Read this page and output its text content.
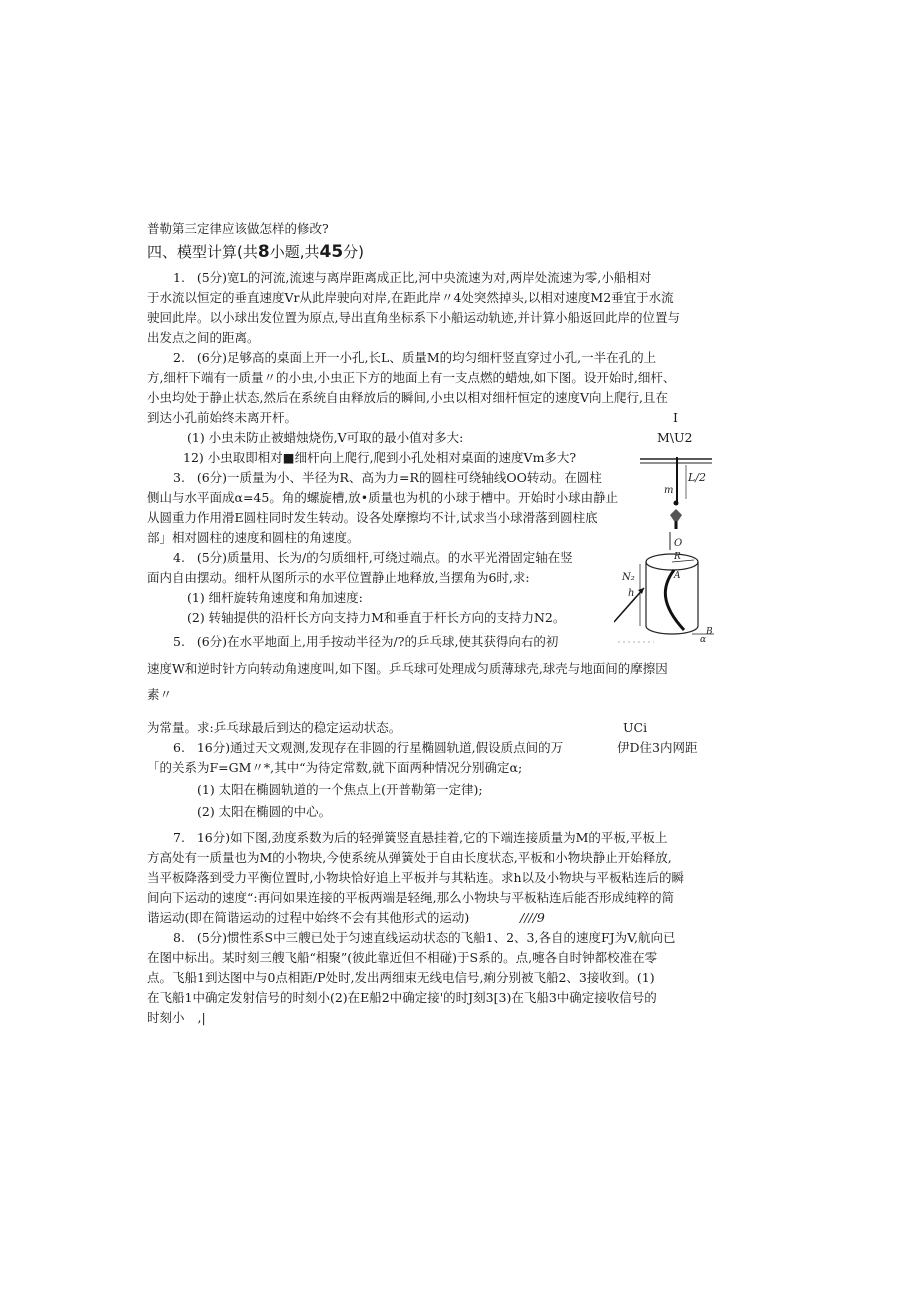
普勒第三定律应该做怎样的修改?
四、模型计算(共8小题,共45分)
1.   (5分)宽L的河流,流速与离岸距离成正比,河中央流速为对,两岸处流速为零,小船相对
于水流以恒定的垂直速度Vr从此岸驶向对岸,在距此岸〃4处突然掉头,以相对速度M2垂宜于水流
驶回此岸。以小球出发位置为原点,导出直角坐标系下小船运动轨迹,并计算小船返回此岸的位置与
出发点之间的距离。
2.   (6分)足够高的桌面上开一小孔,长L、质量M的均匀细杆竖直穿过小孔,一半在孔的上
方,细杆下端有一质量〃的小虫,小虫正下方的地面上有一支点燃的蜡烛,如下图。设开始时,细杆、
小虫均处于静止状态,然后在系统自由释放后的瞬间,小虫以相对细杆恒定的速度V向上爬行,且在
到达小孔前始终未离开杆。
(1) 小虫未防止被蜡烛烧伤,V可取的最小值对多大:
12) 小虫取即相对■细杆向上爬行,爬到小孔处相对桌面的速度Vm多大?
3.   (6分)一质量为小、半径为R、高为力=R的圆柱可绕轴线OO转动。在圆柱
侧山与水平面成α=45。角的螺旋槽,放•质量也为机的小球于槽中。开始时小球由静止
从圆重力作用滑E圆柱同时发生转动。设各处摩擦均不计,试求当小球滑落到圆柱底
部」相对圆柱的速度和圆柱的角速度。
4.   (5分)质量用、长为/的匀质细杆,可绕过端点。的水平光滑固定轴在竖
面内自由摆动。细杆从图所示的水平位置静止地释放,当摆角为6时,求:
(1) 细杆旋转角速度和角加速度:
(2) 转轴提供的沿杆长方向支持力M和垂直于杆长方向的支持力N2。
5.   (6分)在水平地面上,用手按动半径为/?的乒乓球,使其获得向右的初
速度W和逆时针方向转动角速度叫,如下图。乒乓球可处理成匀质薄球壳,球壳与地面间的摩擦因
素〃
为常量。求:乒乓球最后到达的稳定运动状态。
6.   16分)通过天文观测,发现存在非圆的行星椭圆轨道,假设质点间的万
「的关系为F=GM〃*,其中“为待定常数,就下面两种情况分别确定α;
(1) 太阳在椭圆轨道的一个焦点上(开普勒第一定律);
(2) 太阳在椭圆的中心。
7.   16分)如下图,劲度系数为后的轻弹簧竖直悬挂着,它的下端连接质量为M的平板,平板上
方高处有一质量也为M的小物块,今使系统从弹簧处于自由长度状态,平板和小物块静止开始释放,
当平板降落到受力平衡位置时,小物块恰好追上平板并与其粘连。求h以及小物块与平板粘连后的瞬
间向下运动的速度“:再问如果连接的平板两端是轻绳,那么小物块与平板粘连后能否形成纯粹的简
谐运动(即在简谐运动的过程中始终不会有其他形式的运动)
8.   (5分)惯性系S中三艘已处于匀速直线运动状态的飞船1、2、3,各自的速度FJ为V,航向已
在图中标出。某时刻三艘飞船“相聚”(彼此靠近但不相碰)于S系的。点,嚏各自时钟都校准在零
点。飞船1到达图中与0点相距/P处时,发出两细束无线电信号,痢分别被飞船2、3接收到。(1)
在飞船1中确定发射信号的时刻小(2)在E船2中确定接'的时J刻3[3)在飞船3中确定接收信号的
时刻小
I
M\U2
UCi
伊D住3内网距
////9
 ,|
L/2
m
O
R
h
N₂	A
B
α
